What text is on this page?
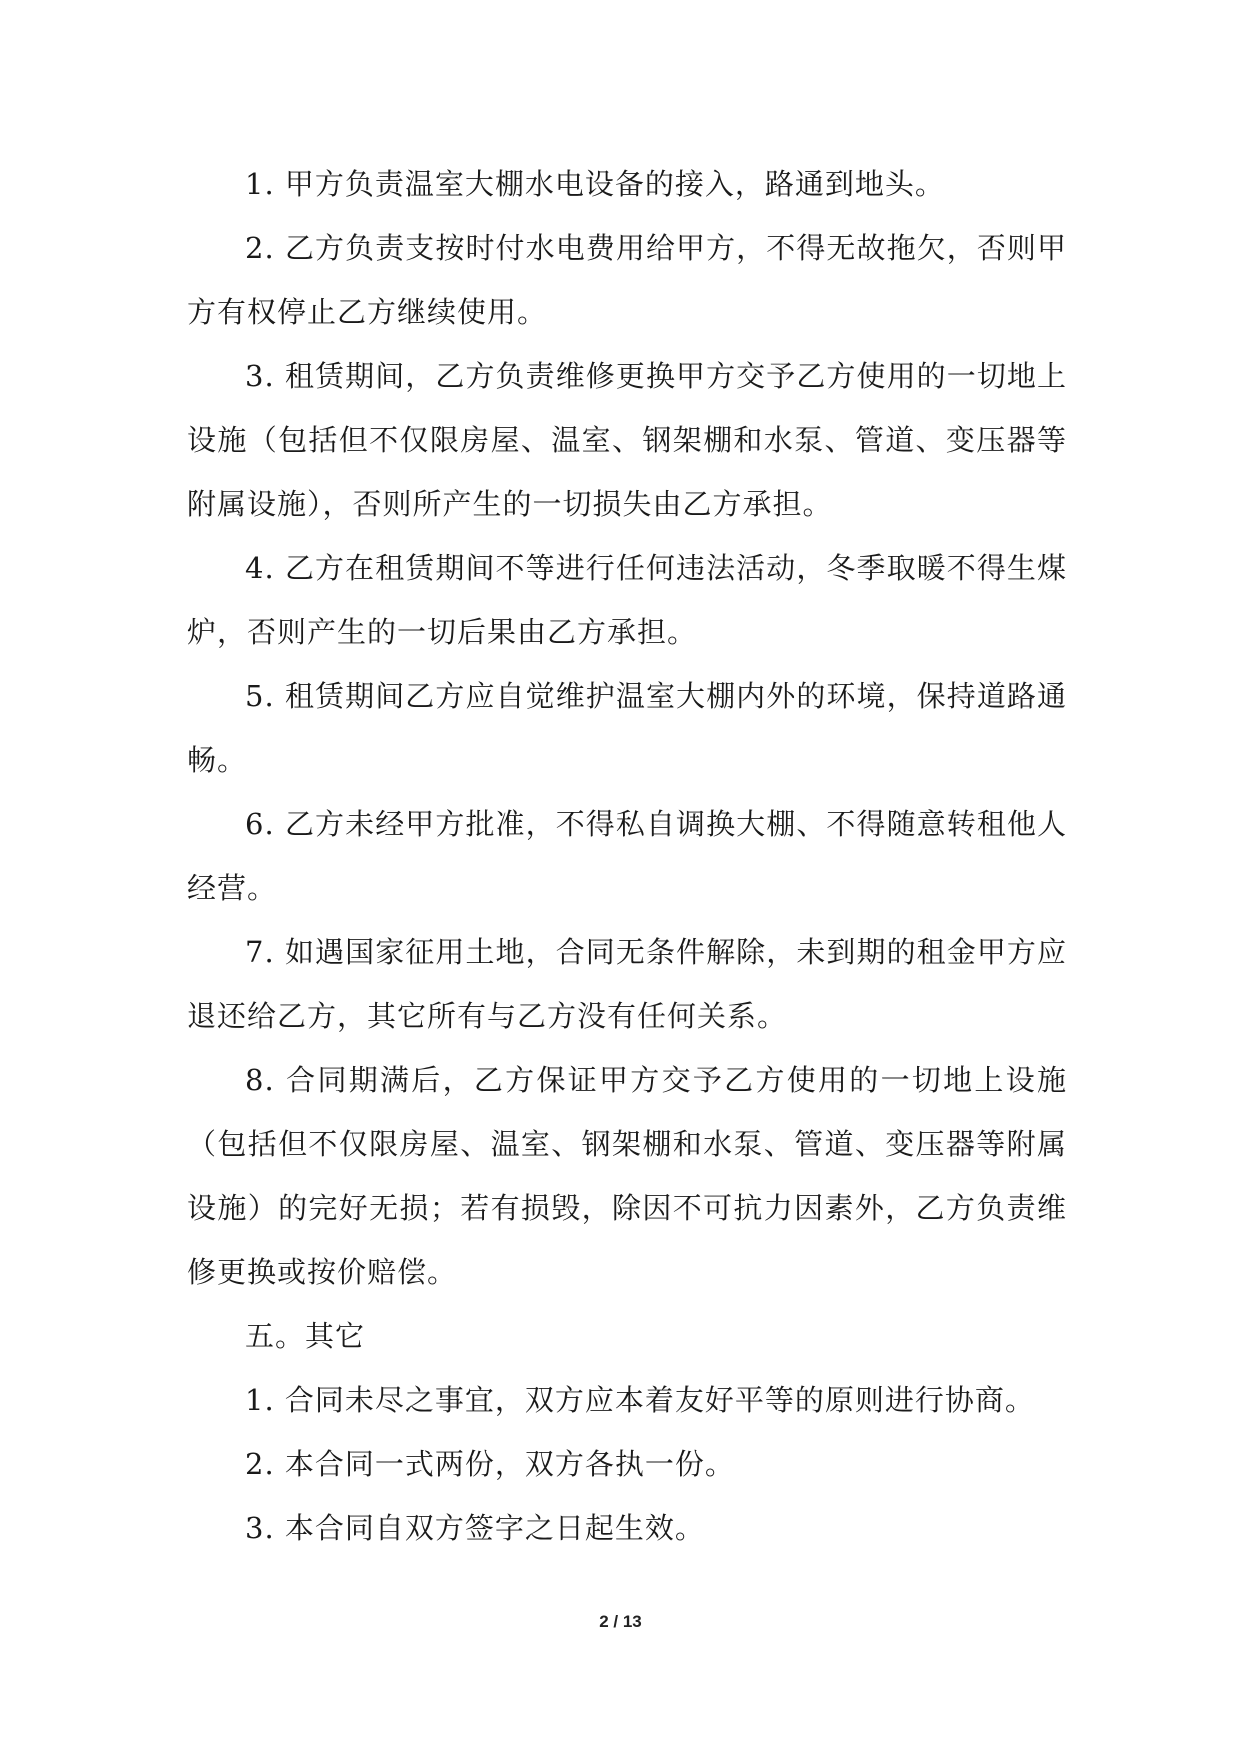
1. 甲方负责温室大棚水电设备的接入，路通到地头。

2. 乙方负责支按时付水电费用给甲方，不得无故拖欠，否则甲方有权停止乙方继续使用。

3. 租赁期间，乙方负责维修更换甲方交予乙方使用的一切地上设施（包括但不仅限房屋、温室、钢架棚和水泵、管道、变压器等附属设施），否则所产生的一切损失由乙方承担。

4. 乙方在租赁期间不等进行任何违法活动，冬季取暖不得生煤炉，否则产生的一切后果由乙方承担。

5. 租赁期间乙方应自觉维护温室大棚内外的环境，保持道路通畅。

6. 乙方未经甲方批准，不得私自调换大棚、不得随意转租他人经营。

7. 如遇国家征用土地，合同无条件解除，未到期的租金甲方应退还给乙方，其它所有与乙方没有任何关系。

8. 合同期满后，乙方保证甲方交予乙方使用的一切地上设施（包括但不仅限房屋、温室、钢架棚和水泵、管道、变压器等附属设施）的完好无损；若有损毁，除因不可抗力因素外，乙方负责维修更换或按价赔偿。

五。其它

1. 合同未尽之事宜，双方应本着友好平等的原则进行协商。

2. 本合同一式两份，双方各执一份。

3. 本合同自双方签字之日起生效。

2 / 13
